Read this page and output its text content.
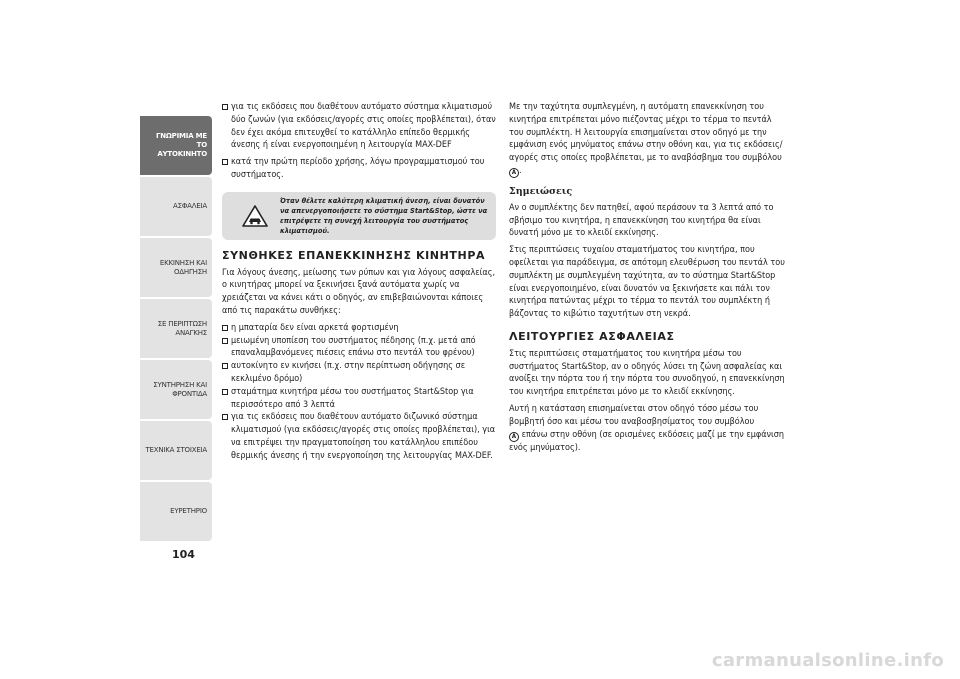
ΓΝΩΡΙΜΙΑ ΜΕ ΤΟ ΑΥΤΟΚΙΝΗΤΟ
ΑΣΦΑΛΕΙΑ
ΕΚΚΙΝΗΣΗ ΚΑΙ ΟΔΗΓΗΣΗ
ΣΕ ΠΕΡΙΠΤΩΣΗ ΑΝΑΓΚΗΣ
ΣΥΝΤΗΡΗΣΗ ΚΑΙ ΦΡΟΝΤΙΔΑ
ΤΕΧΝΙΚΑ ΣΤΟΙΧΕΙΑ
ΕΥΡΕΤΗΡΙΟ
104
για τις εκδόσεις που διαθέτουν αυτόματο σύστημα κλιματισμού δύο ζωνών (για εκδόσεις/αγορές στις οποίες προβλέπεται), όταν δεν έχει ακόμα επιτευχθεί το κατάλληλο επίπεδο θερμικής άνεσης ή είναι ενεργοποιημένη η λειτουργία MAX-DEF
κατά την πρώτη περίοδο χρήσης, λόγω προγραμματισμού του συστήματος.
Όταν θέλετε καλύτερη κλιματική άνεση, είναι δυνατόν να απενεργοποιήσετε το σύστημα Start&Stop, ώστε να επιτρέψετε τη συνεχή λειτουργία του συστήματος κλιματισμού.
ΣΥΝΘΗΚΕΣ ΕΠΑΝΕΚΚΙΝΗΣΗΣ ΚΙΝΗΤΗΡΑ

Για λόγους άνεσης, μείωσης των ρύπων και για λόγους ασφαλείας, ο κινητήρας μπορεί να ξεκινήσει ξανά αυτόματα χωρίς να χρειάζεται να κάνει κάτι ο οδηγός, αν επιβεβαιώνονται κάποιες από τις παρακάτω συνθήκες:

η μπαταρία δεν είναι αρκετά φορτισμένη
μειωμένη υποπίεση του συστήματος πέδησης (π.χ. μετά από επαναλαμβανόμενες πιέσεις επάνω στο πεντάλ του φρένου)
αυτοκίνητο εν κινήσει (π.χ. στην περίπτωση οδήγησης σε κεκλιμένο δρόμο)
σταμάτημα κινητήρα μέσω του συστήματος Start&Stop για περισσότερο από 3 λεπτά
για τις εκδόσεις που διαθέτουν αυτόματο διζωνικό σύστημα κλιματισμού (για εκδόσεις/αγορές στις οποίες προβλέπεται), για να επιτρέψει την πραγματοποίηση του κατάλληλου επιπέδου θερμικής άνεσης ή την ενεργοποίηση της λειτουργίας MAX-DEF.

Με την ταχύτητα συμπλεγμένη, η αυτόματη επανεκκίνηση του κινητήρα επιτρέπεται μόνο πιέζοντας μέχρι το τέρμα το πεντάλ του συμπλέκτη. Η λειτουργία επισημαίνεται στον οδηγό με την εμφάνιση ενός μηνύματος επάνω στην οθόνη και, για τις εκδόσεις/αγορές στις οποίες προβλέπεται, με το αναβόσβημα του συμβόλου A .

Σημειώσεις

Αν ο συμπλέκτης δεν πατηθεί, αφού περάσουν τα 3 λεπτά από το σβήσιμο του κινητήρα, η επανεκκίνηση του κινητήρα θα είναι δυνατή μόνο με το κλειδί εκκίνησης.

Στις περιπτώσεις τυχαίου σταματήματος του κινητήρα, που οφείλεται για παράδειγμα, σε απότομη ελευθέρωση του πεντάλ του συμπλέκτη με συμπλεγμένη ταχύτητα, αν το σύστημα Start&Stop είναι ενεργοποιημένο, είναι δυνατόν να ξεκινήσετε και πάλι τον κινητήρα πατώντας μέχρι το τέρμα το πεντάλ του συμπλέκτη ή βάζοντας το κιβώτιο ταχυτήτων στη νεκρά.

ΛΕΙΤΟΥΡΓΙΕΣ ΑΣΦΑΛΕΙΑΣ

Στις περιπτώσεις σταματήματος του κινητήρα μέσω του συστήματος Start&Stop, αν ο οδηγός λύσει τη ζώνη ασφαλείας και ανοίξει την πόρτα του ή την πόρτα του συνοδηγού, η επανεκκίνηση του κινητήρα επιτρέπεται μόνο με το κλειδί εκκίνησης.

Αυτή η κατάσταση επισημαίνεται στον οδηγό τόσο μέσω του βομβητή όσο και μέσω του αναβοσβησίματος του συμβόλου
A επάνω στην οθόνη (σε ορισμένες εκδόσεις μαζί με την εμφάνιση ενός μηνύματος).

carmanualsonline.info
